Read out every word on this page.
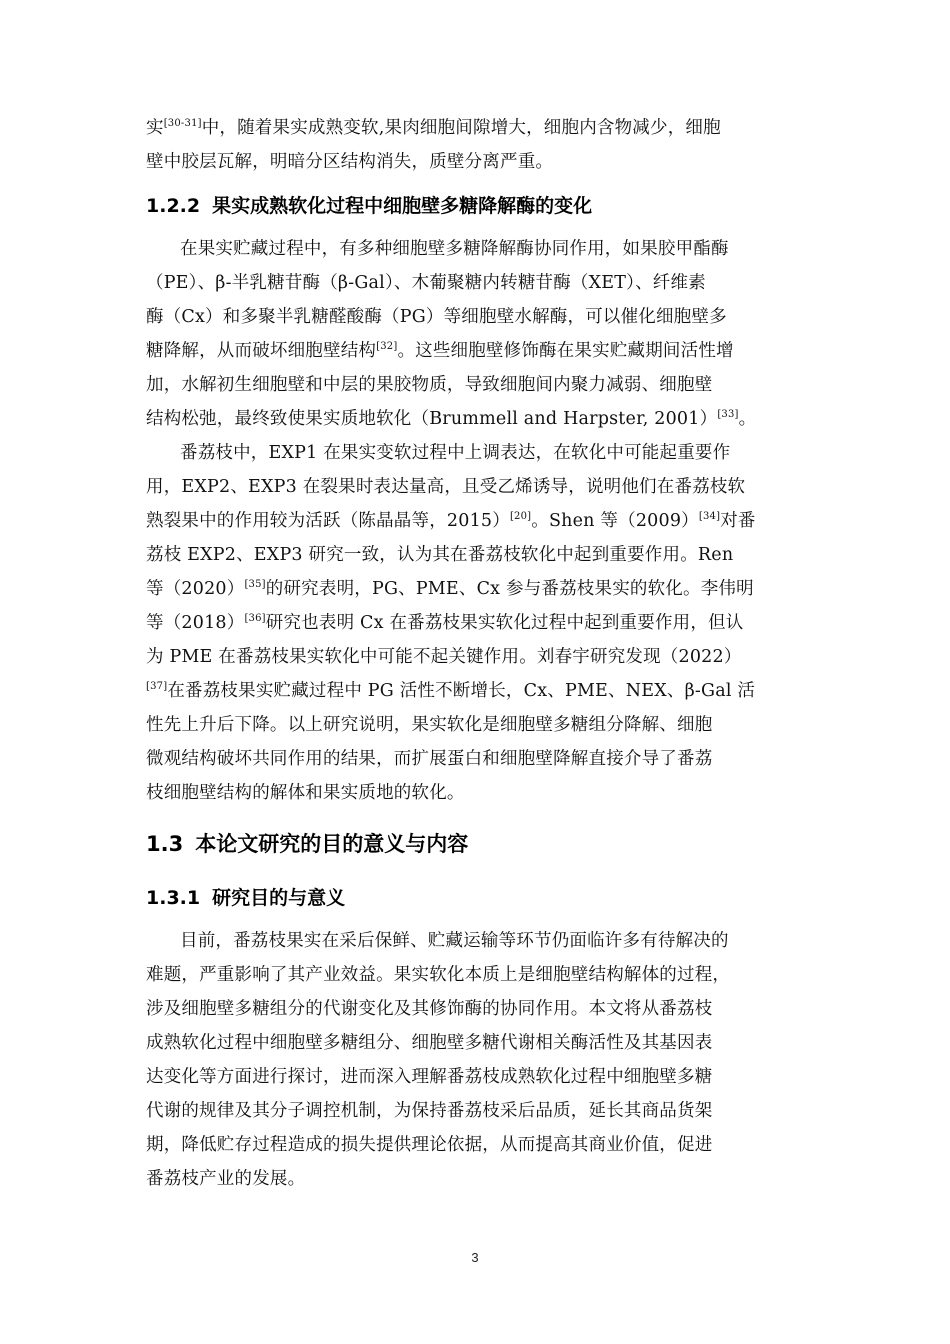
实[30-31]中，随着果实成熟变软,果肉细胞间隙增大，细胞内含物减少，细胞
壁中胶层瓦解，明暗分区结构消失，质壁分离严重。
1.2.2 果实成熟软化过程中细胞壁多糖降解酶的变化
在果实贮藏过程中，有多种细胞壁多糖降解酶协同作用，如果胶甲酯酶
（PE）、β-半乳糖苷酶（β-Gal）、木葡聚糖内转糖苷酶（XET）、纤维素
酶（Cx）和多聚半乳糖醛酸酶（PG）等细胞壁水解酶，可以催化细胞壁多
糖降解，从而破坏细胞壁结构[32]。这些细胞壁修饰酶在果实贮藏期间活性增
加，水解初生细胞壁和中层的果胶物质，导致细胞间内聚力减弱、细胞壁
结构松弛，最终致使果实质地软化（Brummell and Harpster, 2001）[33]。
番荔枝中，EXP1 在果实变软过程中上调表达，在软化中可能起重要作
用，EXP2、EXP3 在裂果时表达量高，且受乙烯诱导，说明他们在番荔枝软
熟裂果中的作用较为活跃（陈晶晶等，2015）[20]。Shen 等（2009）[34]对番
荔枝 EXP2、EXP3 研究一致，认为其在番荔枝软化中起到重要作用。Ren
等（2020）[35]的研究表明，PG、PME、Cx 参与番荔枝果实的软化。李伟明
等（2018）[36]研究也表明 Cx 在番荔枝果实软化过程中起到重要作用，但认
为 PME 在番荔枝果实软化中可能不起关键作用。刘春宇研究发现（2022）
[37]在番荔枝果实贮藏过程中 PG 活性不断增长，Cx、PME、NEX、β-Gal 活
性先上升后下降。以上研究说明，果实软化是细胞壁多糖组分降解、细胞
微观结构破坏共同作用的结果，而扩展蛋白和细胞壁降解直接介导了番荔
枝细胞壁结构的解体和果实质地的软化。
1.3 本论文研究的目的意义与内容
1.3.1 研究目的与意义
目前，番荔枝果实在采后保鲜、贮藏运输等环节仍面临许多有待解决的
难题，严重影响了其产业效益。果实软化本质上是细胞壁结构解体的过程，
涉及细胞壁多糖组分的代谢变化及其修饰酶的协同作用。本文将从番荔枝
成熟软化过程中细胞壁多糖组分、细胞壁多糖代谢相关酶活性及其基因表
达变化等方面进行探讨，进而深入理解番荔枝成熟软化过程中细胞壁多糖
代谢的规律及其分子调控机制，为保持番荔枝采后品质，延长其商品货架
期，降低贮存过程造成的损失提供理论依据，从而提高其商业价值，促进
番荔枝产业的发展。
3
